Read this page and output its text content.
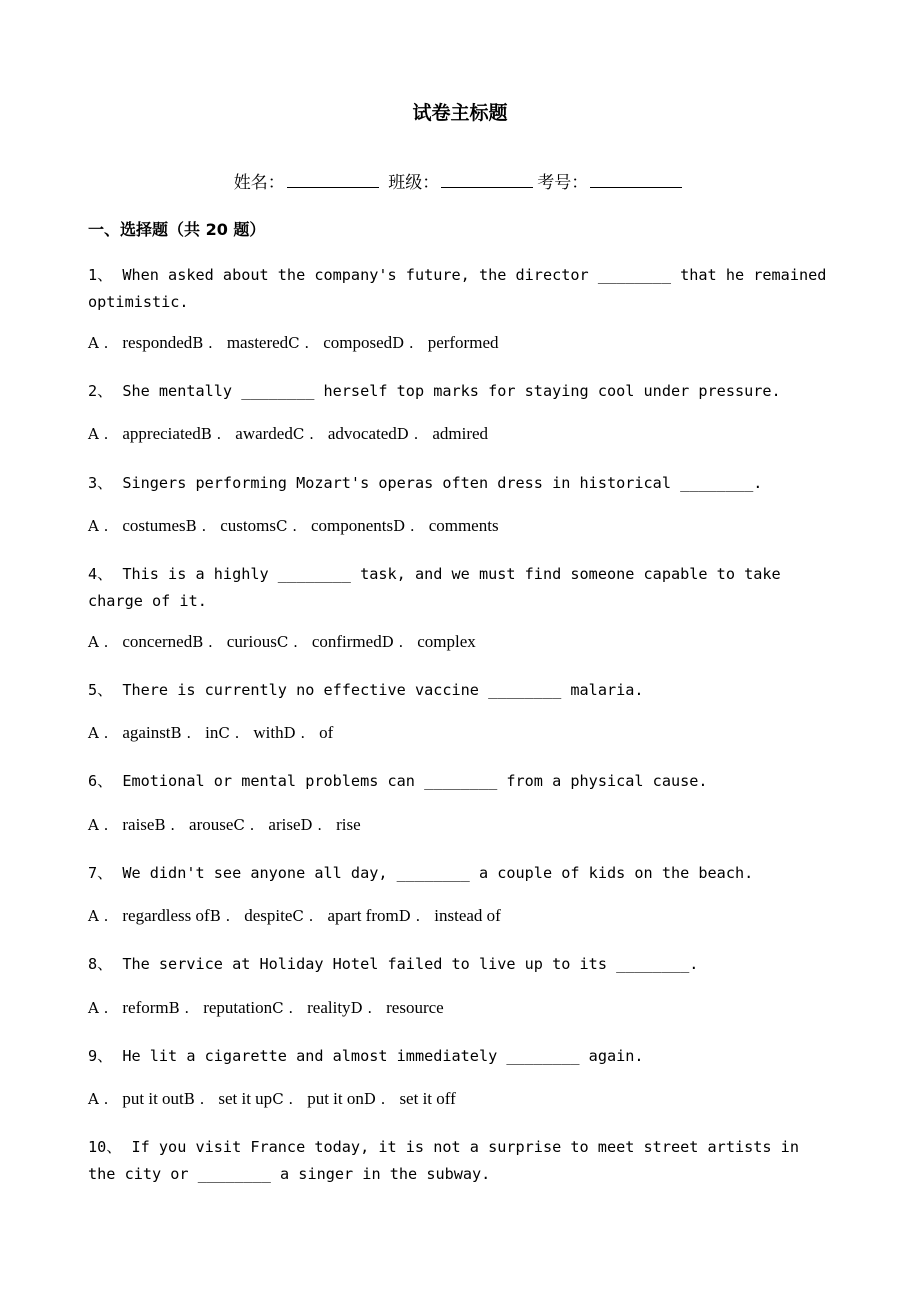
试卷主标题
姓名：	班级：	考号：
一、选择题（共 20 题）
1、 When asked about the company's future, the director ________ that he remained optimistic.
A . respondedB . masteredC . composedD . performed
2、 She mentally ________ herself top marks for staying cool under pressure.
A . appreciatedB . awardedC . advocatedD . admired
3、 Singers performing Mozart's operas often dress in historical ________.
A . costumesB . customsC . componentsD . comments
4、 This is a highly ________ task, and we must find someone capable to take charge of it.
A . concernedB . curiousC . confirmedD . complex
5、 There is currently no effective vaccine ________ malaria.
A . againstB . inC . withD . of
6、 Emotional or mental problems can ________ from a physical cause.
A . raiseB . arouseC . ariseD . rise
7、 We didn't see anyone all day, ________ a couple of kids on the beach.
A . regardless ofB . despiteC . apart fromD . instead of
8、 The service at Holiday Hotel failed to live up to its ________.
A . reformB . reputationC . realityD . resource
9、 He lit a cigarette and almost immediately ________ again.
A . put it outB . set it upC . put it onD . set it off
10、 If you visit France today, it is not a surprise to meet street artists in the city or ________ a singer in the subway.
